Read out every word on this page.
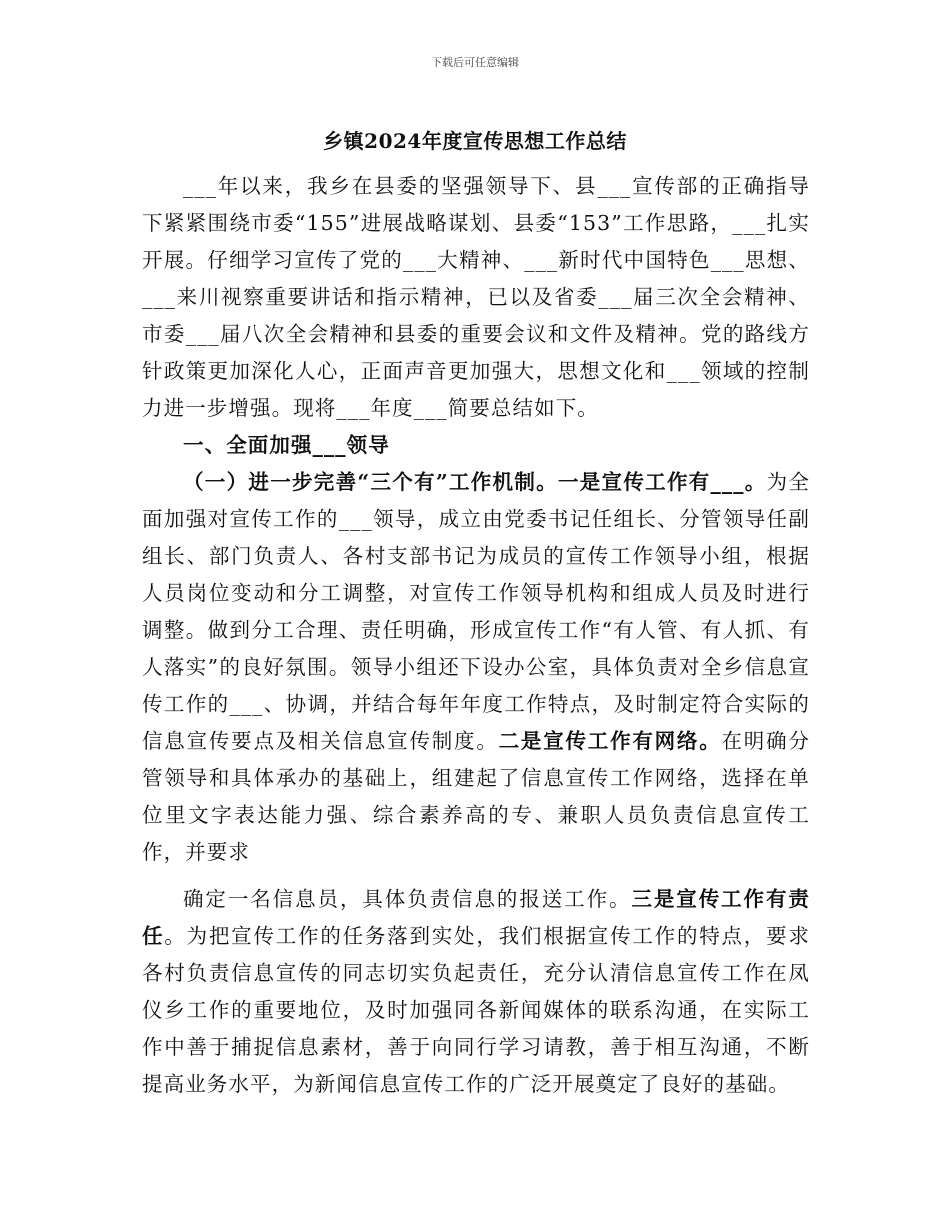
下载后可任意编辑
乡镇2024年度宣传思想工作总结

___年以来，我乡在县委的坚强领导下、县___宣传部的正确指导下紧紧围绕市委“155”进展战略谋划、县委“153”工作思路，___扎实开展。仔细学习宣传了党的___大精神、___新时代中国特色___思想、___来川视察重要讲话和指示精神，已以及省委___届三次全会精神、市委___届八次全会精神和县委的重要会议和文件及精神。党的路线方针政策更加深化人心，正面声音更加强大，思想文化和___领域的控制力进一步增强。现将___年度___简要总结如下。

一、全面加强___领导

（一）进一步完善“三个有”工作机制。一是宣传工作有___。为全面加强对宣传工作的___领导，成立由党委书记任组长、分管领导任副组长、部门负责人、各村支部书记为成员的宣传工作领导小组，根据人员岗位变动和分工调整，对宣传工作领导机构和组成人员及时进行调整。做到分工合理、责任明确，形成宣传工作“有人管、有人抓、有人落实”的良好氛围。领导小组还下设办公室，具体负责对全乡信息宣传工作的___、协调，并结合每年年度工作特点，及时制定符合实际的信息宣传要点及相关信息宣传制度。二是宣传工作有网络。在明确分管领导和具体承办的基础上，组建起了信息宣传工作网络，选择在单位里文字表达能力强、综合素养高的专、兼职人员负责信息宣传工作，并要求

确定一名信息员，具体负责信息的报送工作。三是宣传工作有责任。为把宣传工作的任务落到实处，我们根据宣传工作的特点，要求各村负责信息宣传的同志切实负起责任，充分认清信息宣传工作在凤仪乡工作的重要地位，及时加强同各新闻媒体的联系沟通，在实际工作中善于捕捉信息素材，善于向同行学习请教，善于相互沟通，不断提高业务水平，为新闻信息宣传工作的广泛开展奠定了良好的基础。
